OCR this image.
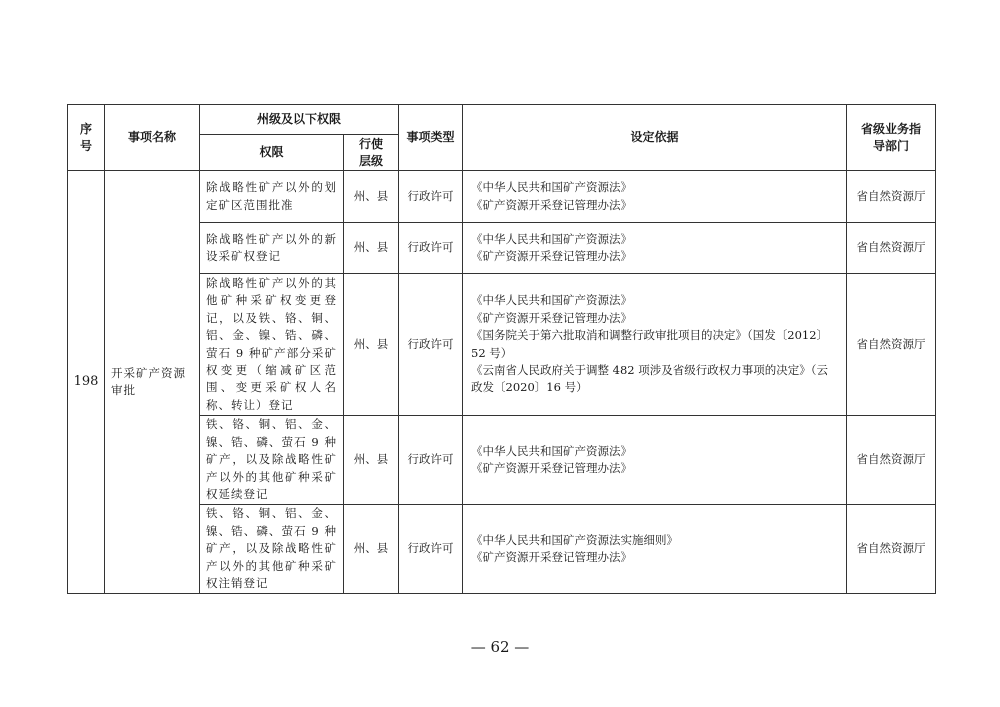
序号	事项名称	州级及以下权限		事项类型	设定依据	省级业务指导部门
		权限	行使层级			
198	开采矿产资源审批	除战略性矿产以外的划定矿区范围批准	州、县	行政许可	《中华人民共和国矿产资源法》
《矿产资源开采登记管理办法》	省自然资源厅
		除战略性矿产以外的新设采矿权登记	州、县	行政许可	《中华人民共和国矿产资源法》
《矿产资源开采登记管理办法》	省自然资源厅
		除战略性矿产以外的其他矿种采矿权变更登记，以及铁、铬、铜、铝、金、镍、锆、磷、萤石 9 种矿产部分采矿权变更（缩减矿区范围、变更采矿权人名称、转让）登记	州、县	行政许可	《中华人民共和国矿产资源法》
《矿产资源开采登记管理办法》
《国务院关于第六批取消和调整行政审批项目的决定》（国发〔2012〕52 号）
《云南省人民政府关于调整 482 项涉及省级行政权力事项的决定》（云政发〔2020〕16 号）	省自然资源厅
		铁、铬、铜、铝、金、镍、锆、磷、萤石 9 种矿产，以及除战略性矿产以外的其他矿种采矿权延续登记	州、县	行政许可	《中华人民共和国矿产资源法》
《矿产资源开采登记管理办法》	省自然资源厅
		铁、铬、铜、铝、金、镍、锆、磷、萤石 9 种矿产，以及除战略性矿产以外的其他矿种采矿权注销登记	州、县	行政许可	《中华人民共和国矿产资源法实施细则》
《矿产资源开采登记管理办法》	省自然资源厅
— 62 —
